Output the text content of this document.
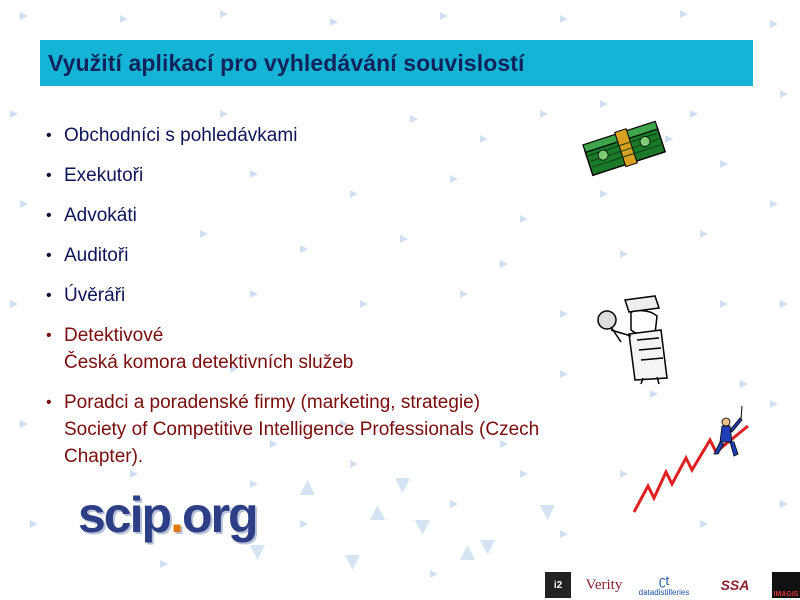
Využití aplikací pro vyhledávání souvislostí
• Obchodníci s pohledávkami
• Exekutoři
• Advokáti
• Auditoři
• Úvěráři
• Detektivové
Česká komora detektivních služeb
• Poradci a poradenské firmy (marketing, strategie)
Society of Competitive Intelligence Professionals (Czech Chapter).
scip.org
i2 Verity	ʗt
datadistilleries SSA
IMAGIS
